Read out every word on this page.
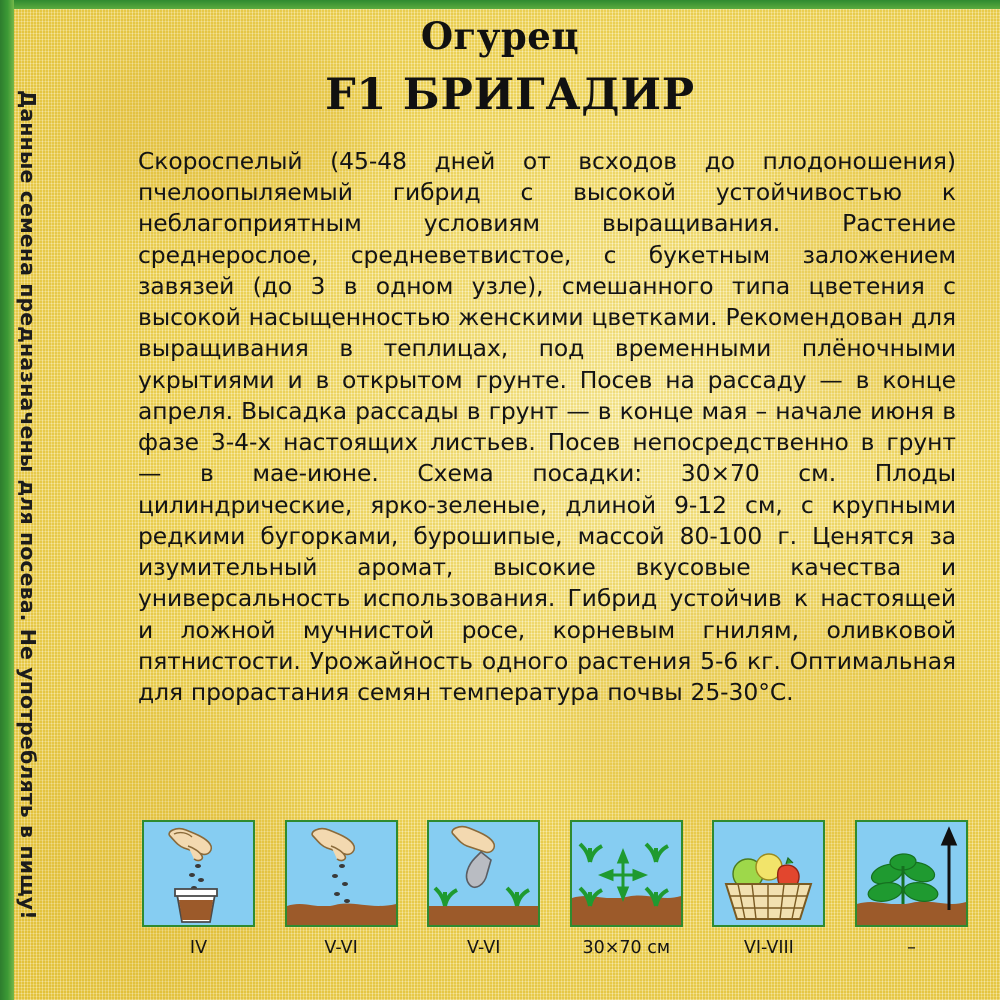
Данные семена предназначены для посева. Не употреблять в пищу!
Огурец
F1 БРИГАДИР

Скороспелый (45-48 дней от всходов до плодоношения) пчелоопыляемый гибрид с высокой устойчивостью к неблагоприятным условиям выращивания. Растение среднерослое, средневетвистое, с букетным заложением завязей (до 3 в одном узле), смешанного типа цветения с высокой насыщенностью женскими цветками. Рекомендован для выращивания в теплицах, под временными плёночными укрытиями и в открытом грунте. Посев на рассаду — в конце апреля. Высадка рассады в грунт — в конце мая – начале июня в фазе 3-4-х настоящих листьев. Посев непосредственно в грунт — в мае-июне. Схема посадки: 30×70 см. Плоды цилиндрические, ярко-зеленые, длиной 9-12 см, с крупными редкими бугорками, бурошипые, массой 80-100 г. Ценятся за изумительный аромат, высокие вкусовые качества и универсальность использования. Гибрид устойчив к настоящей и ложной мучнистой росе, корневым гнилям, оливковой пятнистости. Урожайность одного растения 5-6 кг. Оптимальная для прорастания семян температура почвы 25-30°C.

IV	V-VI	V-VI	30×70 см	VI-VIII	–
